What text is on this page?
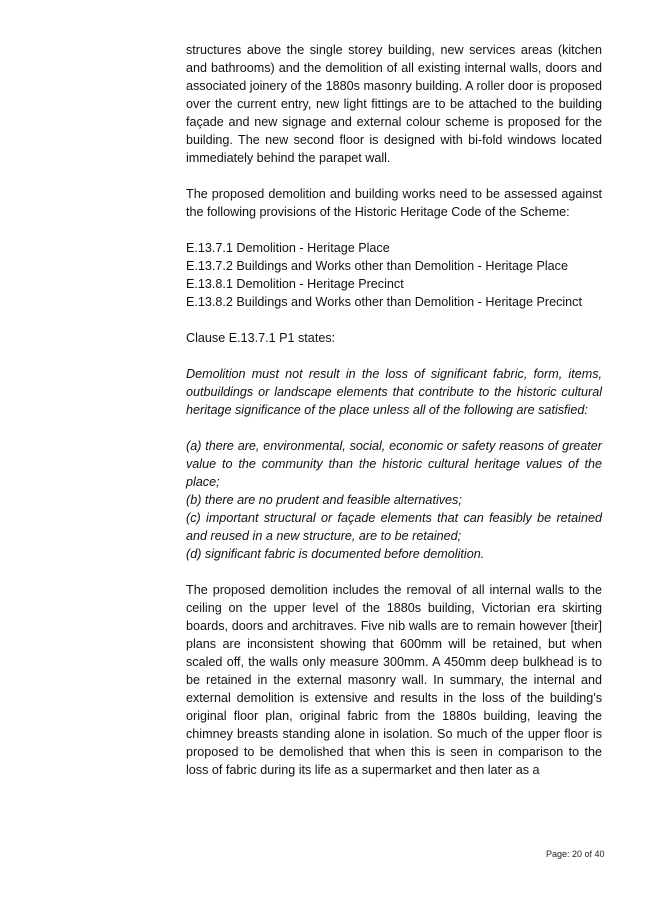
structures above the single storey building, new services areas (kitchen and bathrooms) and the demolition of all existing internal walls, doors and associated joinery of the 1880s masonry building. A roller door is proposed over the current entry, new light fittings are to be attached to the building façade and new signage and external colour scheme is proposed for the building. The new second floor is designed with bi-fold windows located immediately behind the parapet wall.

The proposed demolition and building works need to be assessed against the following provisions of the Historic Heritage Code of the Scheme:

E.13.7.1 Demolition - Heritage Place
E.13.7.2 Buildings and Works other than Demolition - Heritage Place
E.13.8.1 Demolition - Heritage Precinct
E.13.8.2 Buildings and Works other than Demolition - Heritage Precinct

Clause E.13.7.1 P1 states:

Demolition must not result in the loss of significant fabric, form, items, outbuildings or landscape elements that contribute to the historic cultural heritage significance of the place unless all of the following are satisfied:

(a) there are, environmental, social, economic or safety reasons of greater value to the community than the historic cultural heritage values of the place;

(b) there are no prudent and feasible alternatives;

(c) important structural or façade elements that can feasibly be retained and reused in a new structure, are to be retained;

(d) significant fabric is documented before demolition.

The proposed demolition includes the removal of all internal walls to the ceiling on the upper level of the 1880s building, Victorian era skirting boards, doors and architraves. Five nib walls are to remain however [their] plans are inconsistent showing that 600mm will be retained, but when scaled off, the walls only measure 300mm. A 450mm deep bulkhead is to be retained in the external masonry wall. In summary, the internal and external demolition is extensive and results in the loss of the building's original floor plan, original fabric from the 1880s building, leaving the chimney breasts standing alone in isolation. So much of the upper floor is proposed to be demolished that when this is seen in comparison to the loss of fabric during its life as a supermarket and then later as a

Page: 20 of 40
